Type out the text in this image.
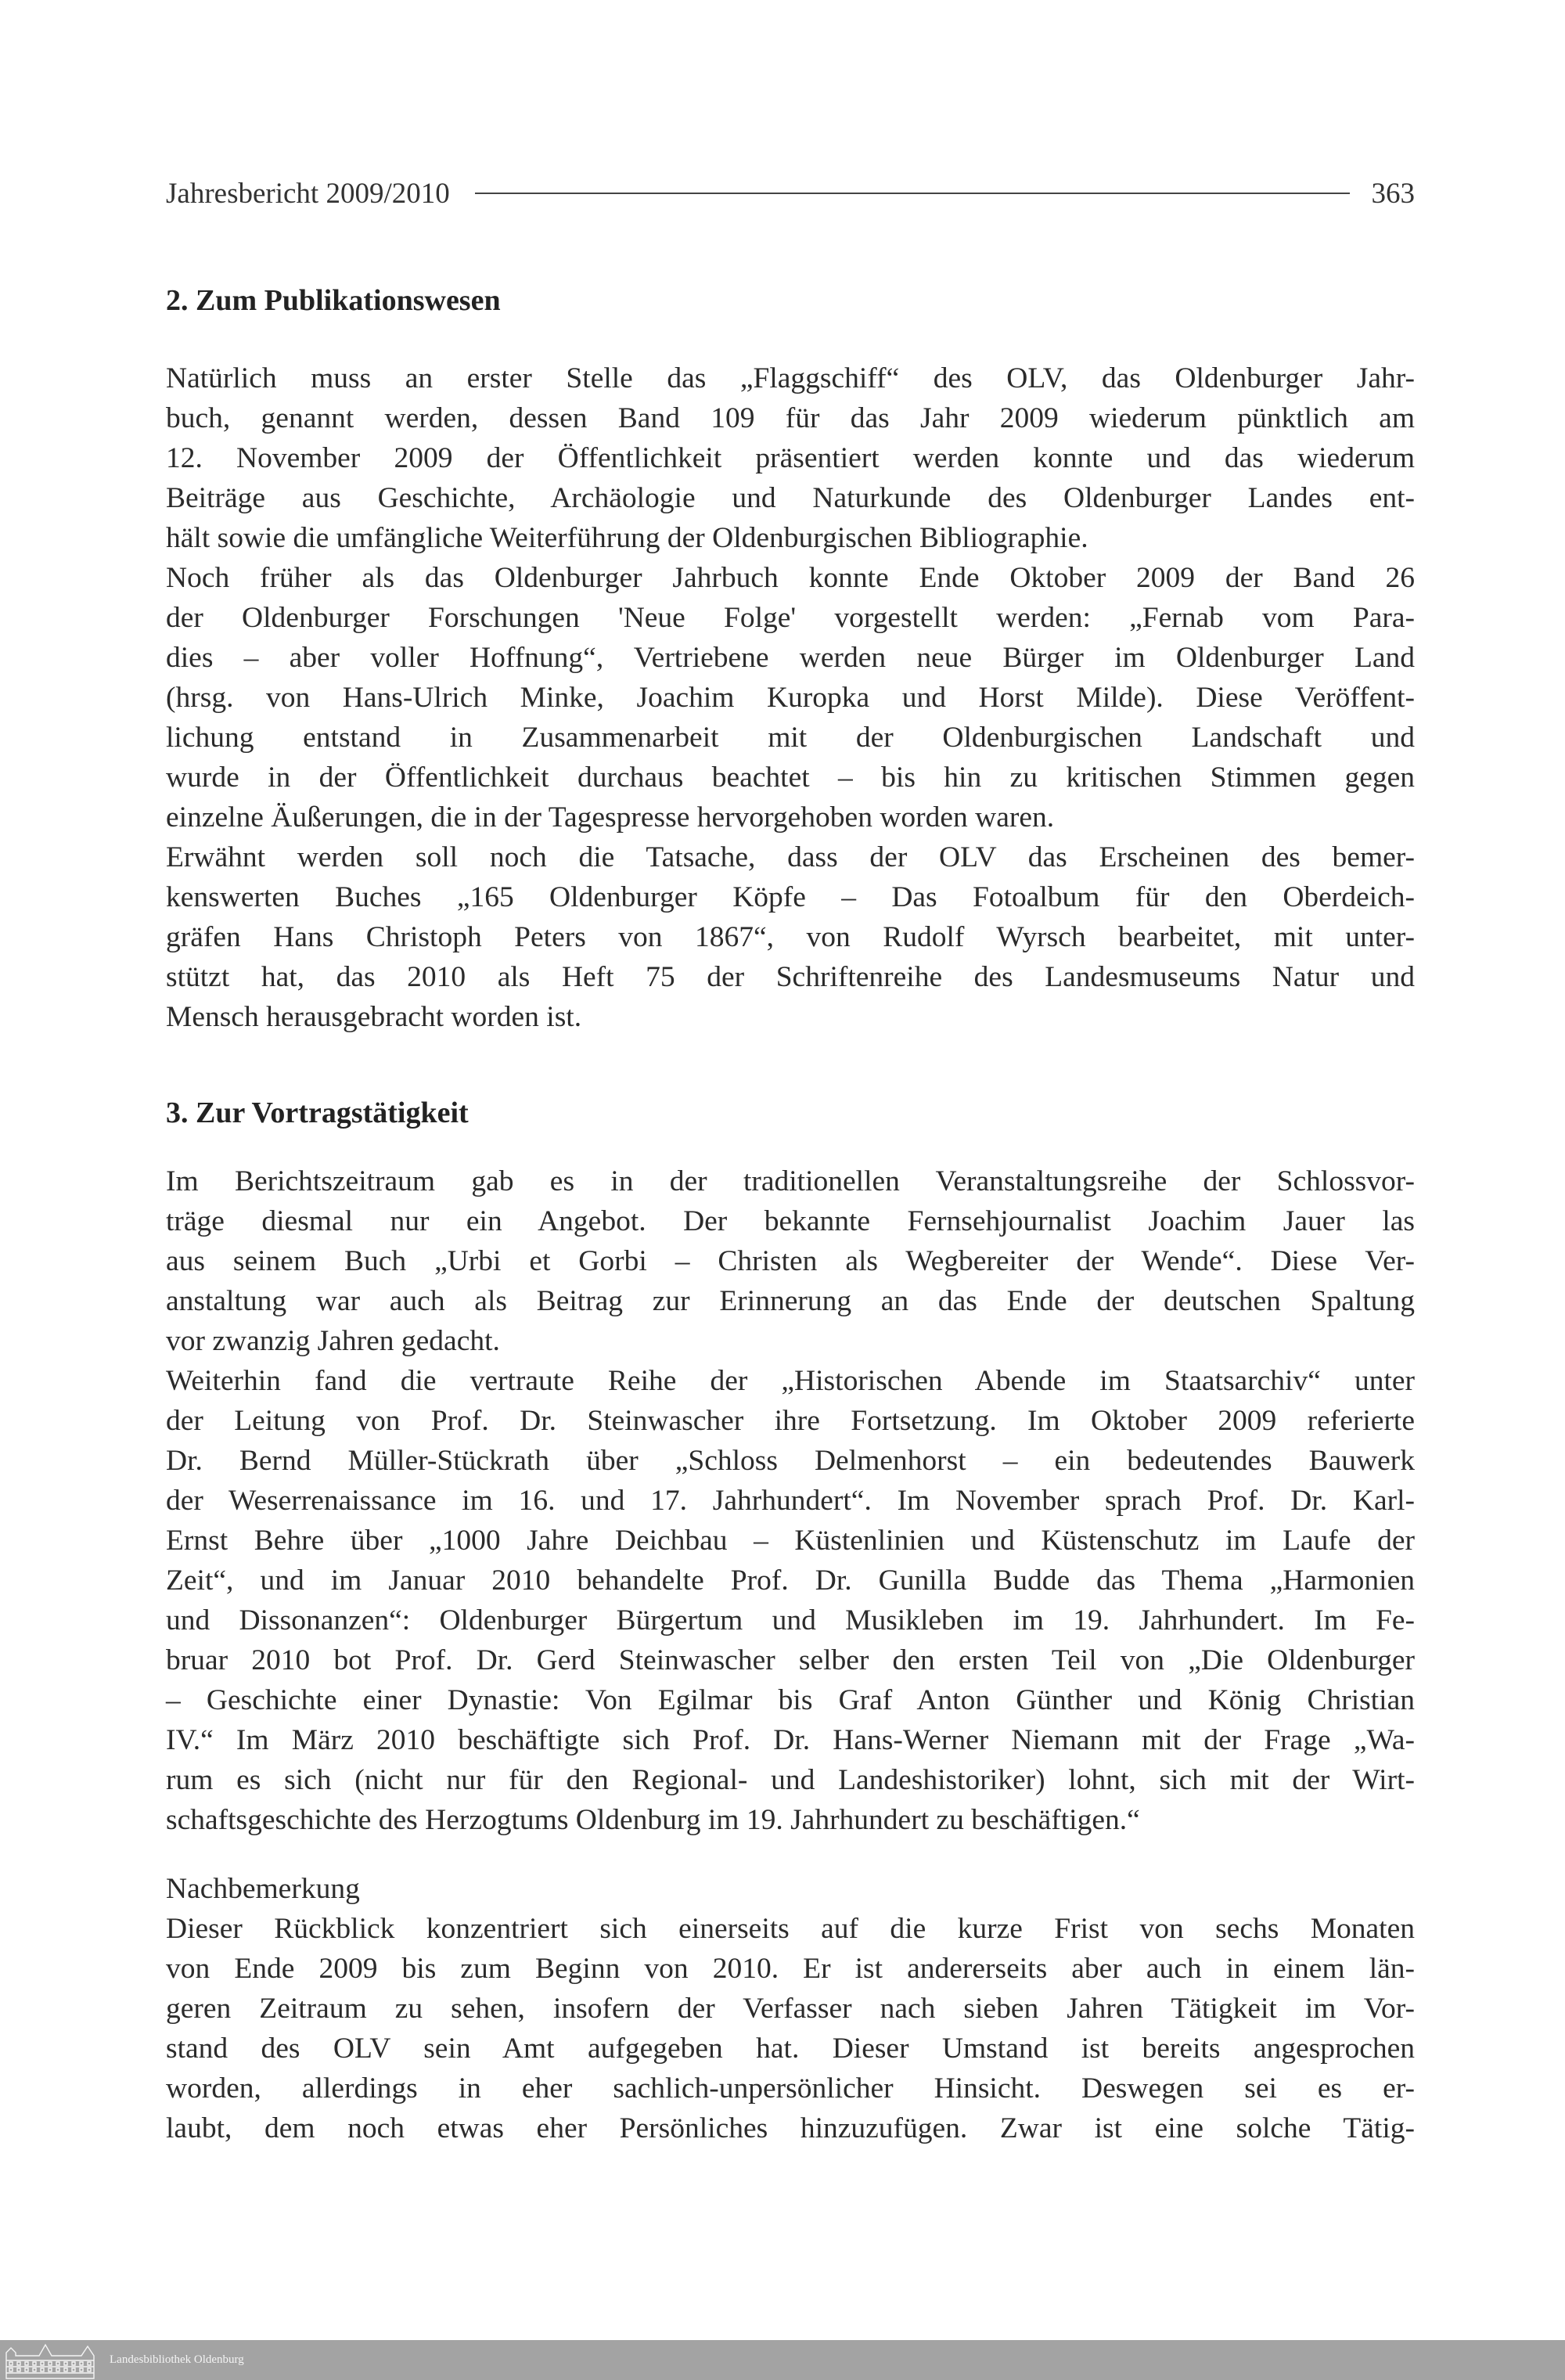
Jahresbericht 2009/2010	363
2. Zum Publikationswesen
Natürlich muss an erster Stelle das „Flaggschiff“ des OLV, das Oldenburger Jahr-
buch, genannt werden, dessen Band 109 für das Jahr 2009 wiederum pünktlich am
12. November 2009 der Öffentlichkeit präsentiert werden konnte und das wiederum
Beiträge aus Geschichte, Archäologie und Naturkunde des Oldenburger Landes ent-
hält sowie die umfängliche Weiterführung der Oldenburgischen Bibliographie.
Noch früher als das Oldenburger Jahrbuch konnte Ende Oktober 2009 der Band 26
der Oldenburger Forschungen 'Neue Folge' vorgestellt werden: „Fernab vom Para-
dies – aber voller Hoffnung“, Vertriebene werden neue Bürger im Oldenburger Land
(hrsg. von Hans-Ulrich Minke, Joachim Kuropka und Horst Milde). Diese Veröffent-
lichung entstand in Zusammenarbeit mit der Oldenburgischen Landschaft und
wurde in der Öffentlichkeit durchaus beachtet – bis hin zu kritischen Stimmen gegen
einzelne Äußerungen, die in der Tagespresse hervorgehoben worden waren.
Erwähnt werden soll noch die Tatsache, dass der OLV das Erscheinen des bemer-
kenswerten Buches „165 Oldenburger Köpfe – Das Fotoalbum für den Oberdeich-
gräfen Hans Christoph Peters von 1867“, von Rudolf Wyrsch bearbeitet, mit unter-
stützt hat, das 2010 als Heft 75 der Schriftenreihe des Landesmuseums Natur und
Mensch herausgebracht worden ist.
3. Zur Vortragstätigkeit
Im Berichtszeitraum gab es in der traditionellen Veranstaltungsreihe der Schlossvor-
träge diesmal nur ein Angebot. Der bekannte Fernsehjournalist Joachim Jauer las
aus seinem Buch „Urbi et Gorbi – Christen als Wegbereiter der Wende“. Diese Ver-
anstaltung war auch als Beitrag zur Erinnerung an das Ende der deutschen Spaltung
vor zwanzig Jahren gedacht.
Weiterhin fand die vertraute Reihe der „Historischen Abende im Staatsarchiv“ unter
der Leitung von Prof. Dr. Steinwascher ihre Fortsetzung. Im Oktober 2009 referierte
Dr. Bernd Müller-Stückrath über „Schloss Delmenhorst – ein bedeutendes Bauwerk
der Weserrenaissance im 16. und 17. Jahrhundert“. Im November sprach Prof. Dr. Karl-
Ernst Behre über „1000 Jahre Deichbau – Küstenlinien und Küstenschutz im Laufe der
Zeit“, und im Januar 2010 behandelte Prof. Dr. Gunilla Budde das Thema „Harmonien
und Dissonanzen“: Oldenburger Bürgertum und Musikleben im 19. Jahrhundert. Im Fe-
bruar 2010 bot Prof. Dr. Gerd Steinwascher selber den ersten Teil von „Die Oldenburger
– Geschichte einer Dynastie: Von Egilmar bis Graf Anton Günther und König Christian
IV.“ Im März 2010 beschäftigte sich Prof. Dr. Hans-Werner Niemann mit der Frage „Wa-
rum es sich (nicht nur für den Regional- und Landeshistoriker) lohnt, sich mit der Wirt-
schaftsgeschichte des Herzogtums Oldenburg im 19. Jahrhundert zu beschäftigen.“
Nachbemerkung
Dieser Rückblick konzentriert sich einerseits auf die kurze Frist von sechs Monaten
von Ende 2009 bis zum Beginn von 2010. Er ist andererseits aber auch in einem län-
geren Zeitraum zu sehen, insofern der Verfasser nach sieben Jahren Tätigkeit im Vor-
stand des OLV sein Amt aufgegeben hat. Dieser Umstand ist bereits angesprochen
worden, allerdings in eher sachlich-unpersönlicher Hinsicht. Deswegen sei es er-
laubt, dem noch etwas eher Persönliches hinzuzufügen. Zwar ist eine solche Tätig-
Landesbibliothek Oldenburg
